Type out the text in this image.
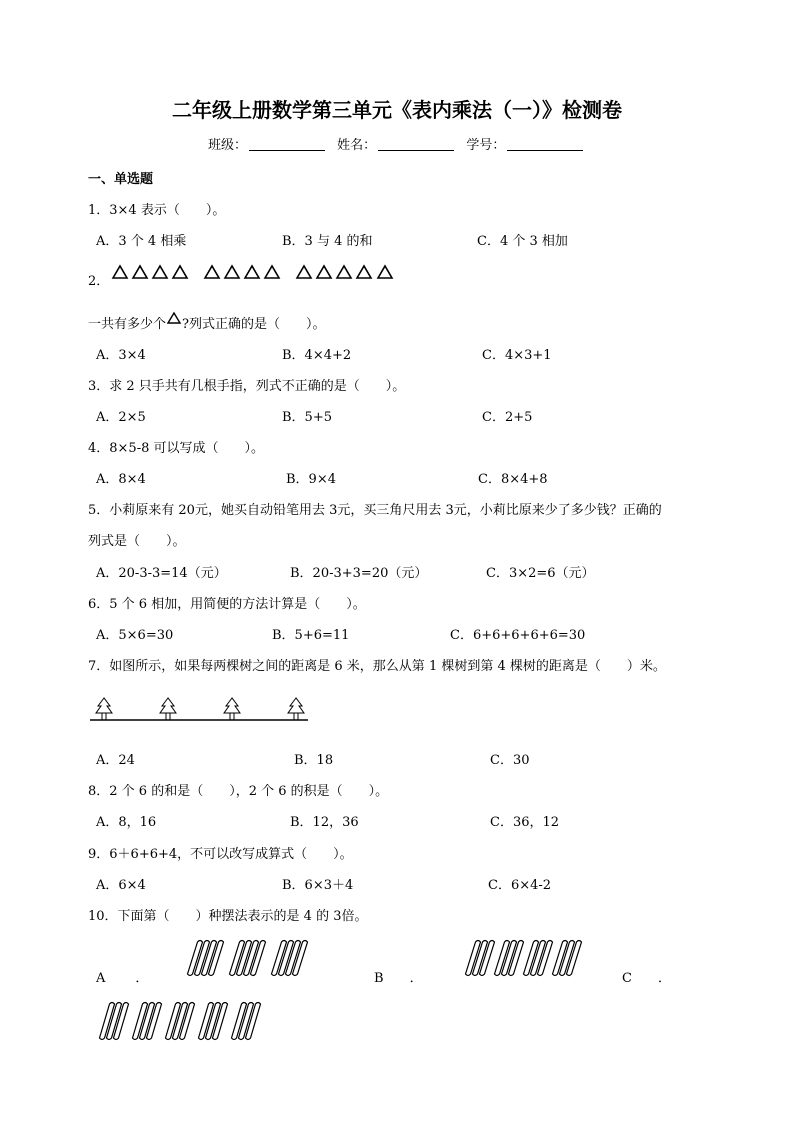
二年级上册数学第三单元《表内乘法（一）》检测卷
班级：	姓名：	学号：
一、单选题
1．3×4 表示（　　）。
A．3 个 4 相乘	B．3 与 4 的和	C．4 个 3 相加
2．
一共有多少个 ?列式正确的是（　　）。
A．3×4	B．4×4+2	C．4×3+1
3．求 2 只手共有几根手指，列式不正确的是（　　）。
A．2×5	B．5+5	C．2+5
4．8×5-8 可以写成（　　）。
A．8×4	B．9×4	C．8×4+8
5．小莉原来有 20元，她买自动铅笔用去 3元，买三角尺用去 3元，小莉比原来少了多少钱？正确的
列式是（　　）。
A．20-3-3=14（元）	B．20-3+3=20（元）	C．3×2=6（元）
6．5 个 6 相加，用简便的方法计算是（　　）。
A．5×6=30	B．5+6=11	C．6+6+6+6+6=30
7．如图所示，如果每两棵树之间的距离是 6 米，那么从第 1 棵树到第 4 棵树的距离是（　　）米。
A．24	B．18	C．30
8．2 个 6 的和是（　　），2 个 6 的积是（　　）。
A．8，16	B．12，36	C．36，12
9．6＋6+6+4，不可以改写成算式（　　）。
A．6×4	B．6×3＋4	C．6×4-2
10．下面第（　　）种摆法表示的是 4 的 3倍。
A ．	B ．	C ．
